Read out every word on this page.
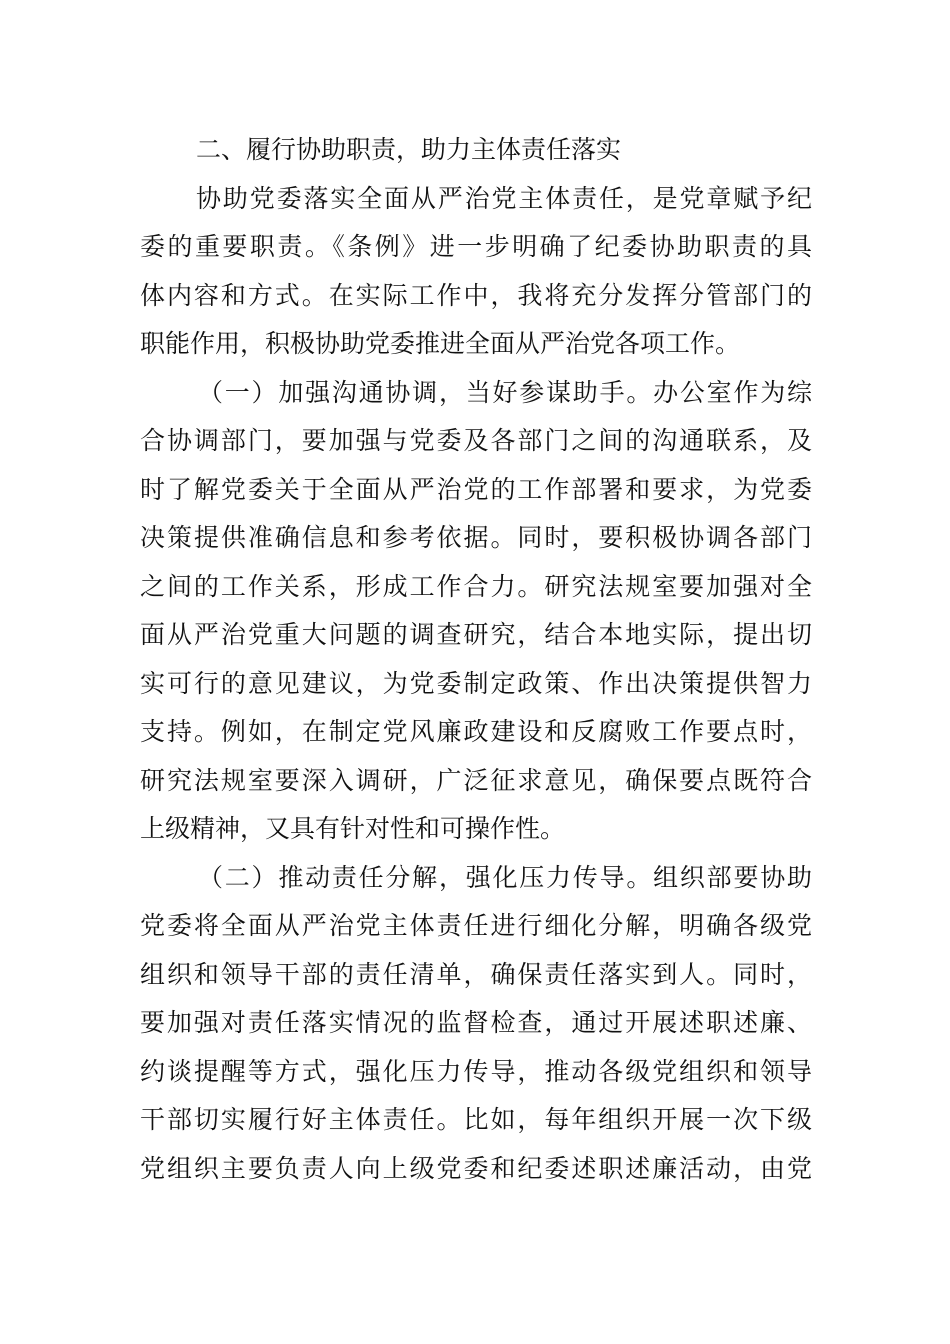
二、履行协助职责，助力主体责任落实
协助党委落实全面从严治党主体责任，是党章赋予纪
委的重要职责。《条例》进一步明确了纪委协助职责的具
体内容和方式。在实际工作中，我将充分发挥分管部门的
职能作用，积极协助党委推进全面从严治党各项工作。
（一）加强沟通协调，当好参谋助手。办公室作为综
合协调部门，要加强与党委及各部门之间的沟通联系，及
时了解党委关于全面从严治党的工作部署和要求，为党委
决策提供准确信息和参考依据。同时，要积极协调各部门
之间的工作关系，形成工作合力。研究法规室要加强对全
面从严治党重大问题的调查研究，结合本地实际，提出切
实可行的意见建议，为党委制定政策、作出决策提供智力
支持。例如，在制定党风廉政建设和反腐败工作要点时，
研究法规室要深入调研，广泛征求意见，确保要点既符合
上级精神，又具有针对性和可操作性。
（二）推动责任分解，强化压力传导。组织部要协助
党委将全面从严治党主体责任进行细化分解，明确各级党
组织和领导干部的责任清单，确保责任落实到人。同时，
要加强对责任落实情况的监督检查，通过开展述职述廉、
约谈提醒等方式，强化压力传导，推动各级党组织和领导
干部切实履行好主体责任。比如，每年组织开展一次下级
党组织主要负责人向上级党委和纪委述职述廉活动，由党
